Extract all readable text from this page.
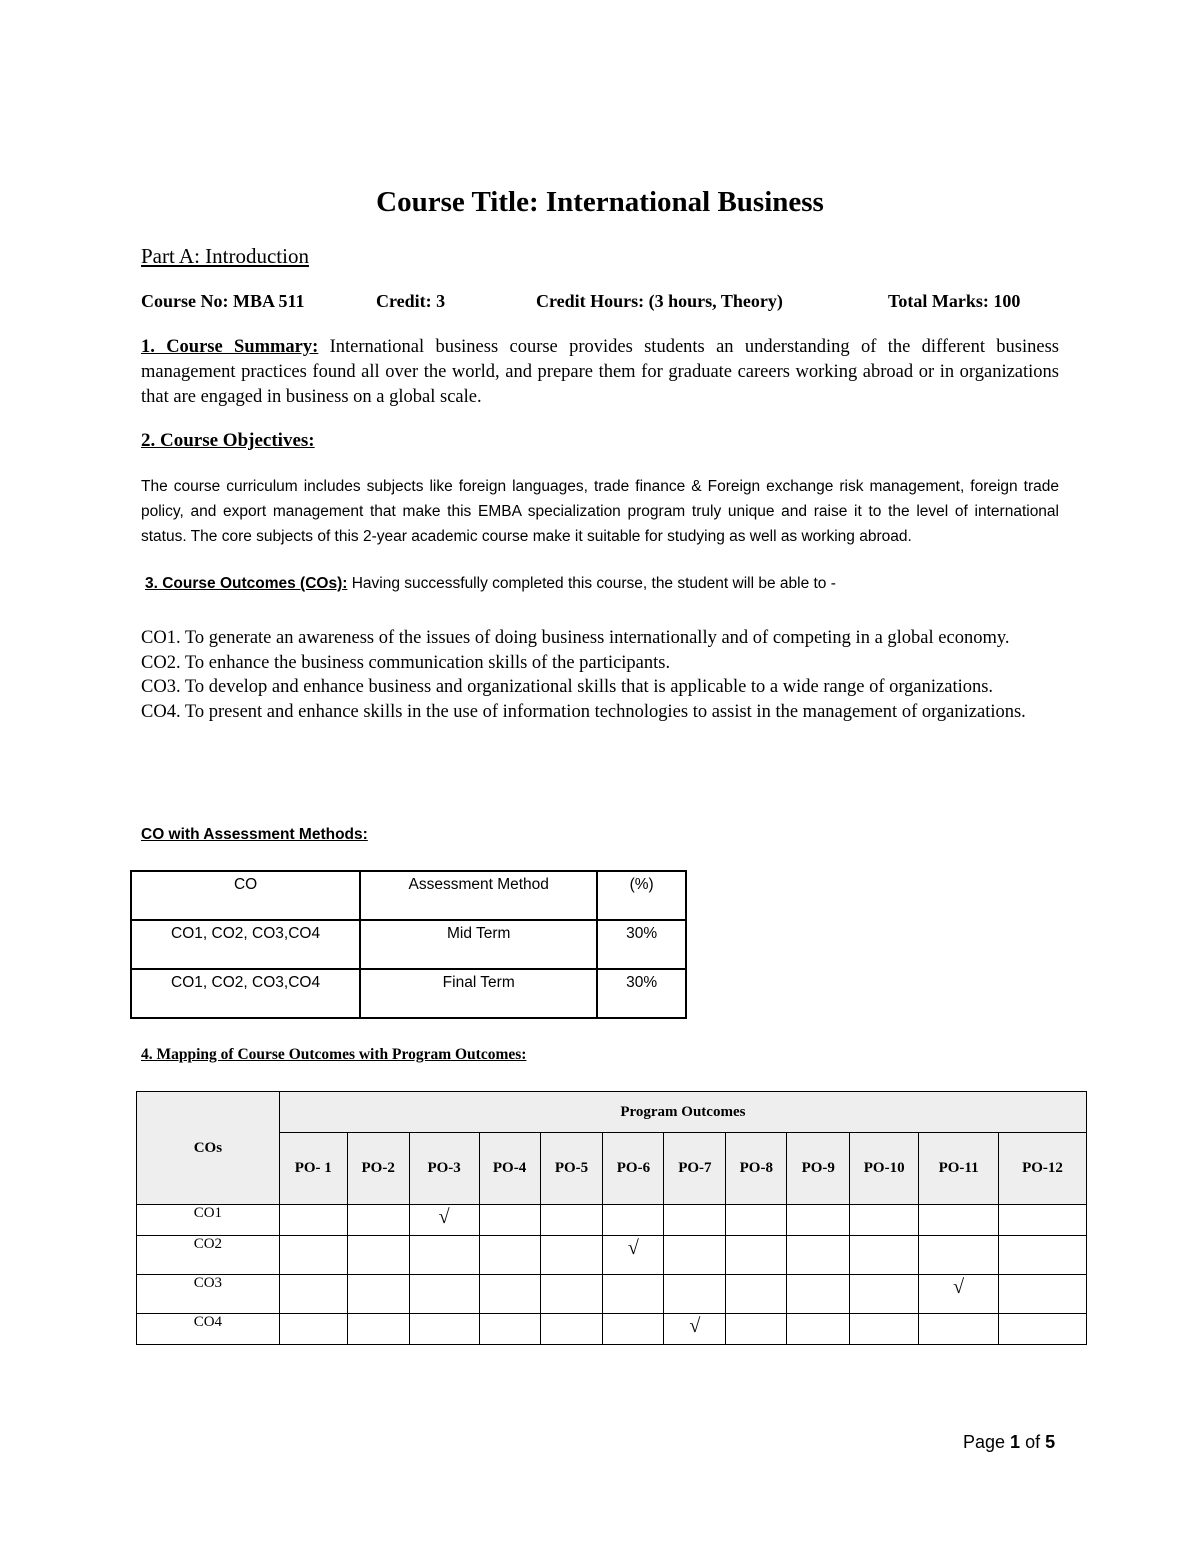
Course Title: International Business
Part A: Introduction
Course No: MBA 511	Credit: 3	Credit Hours: (3 hours, Theory)	Total Marks: 100
1. Course Summary: International business course provides students an understanding of the different business management practices found all over the world, and prepare them for graduate careers working abroad or in organizations that are engaged in business on a global scale.
2. Course Objectives:
The course curriculum includes subjects like foreign languages, trade finance & Foreign exchange risk management, foreign trade policy, and export management that make this EMBA specialization program truly unique and raise it to the level of international status. The core subjects of this 2-year academic course make it suitable for studying as well as working abroad.
3. Course Outcomes (COs): Having successfully completed this course, the student will be able to -

CO1. To generate an awareness of the issues of doing business internationally and of competing in a global economy.

CO2. To enhance the business communication skills of the participants.

CO3. To develop and enhance business and organizational skills that is applicable to a wide range of organizations.

CO4. To present and enhance skills in the use of information technologies to assist in the management of organizations.

CO with Assessment Methods:
CO	Assessment Method	(%)
CO1, CO2, CO3,CO4	Mid Term	30%
CO1, CO2, CO3,CO4	Final Term	30%
4. Mapping of Course Outcomes with Program Outcomes:
COs	Program Outcomes											
	PO- 1	PO-2	PO-3	PO-4	PO-5	PO-6	PO-7	PO-8	PO-9	PO-10	PO-11	PO-12
CO1			√									
CO2						√						
CO3											√	
CO4							√					
Page 1 of 5
